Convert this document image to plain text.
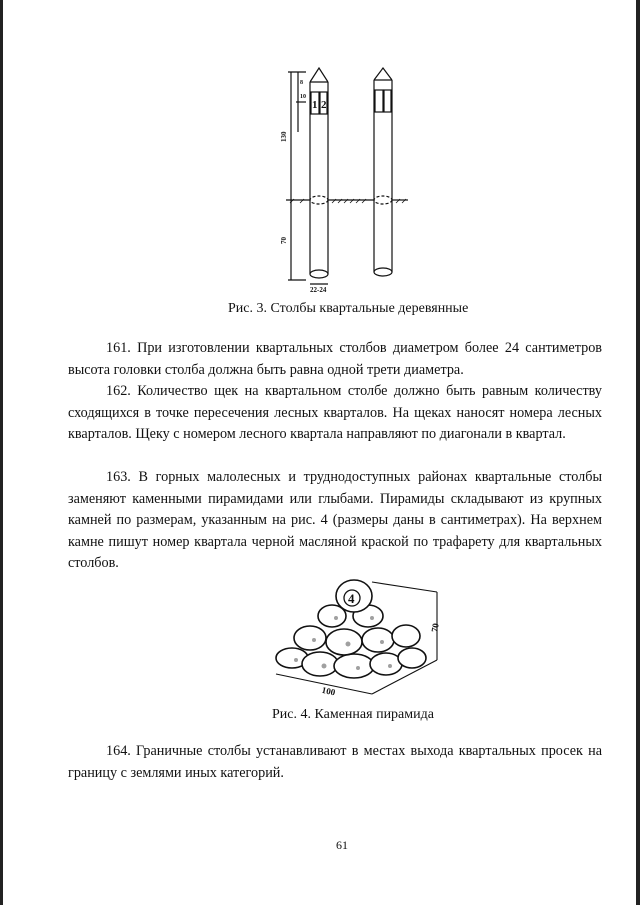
1 2
130
70
8
10
22-24
Рис. 3. Столбы квартальные деревянные

161. При изготовлении квартальных столбов диаметром более 24 сантиметров высота головки столба должна быть равна одной трети диаметра.

162. Количество щек на квартальном столбе должно быть равным количеству сходящихся в точке пересечения лесных кварталов. На щеках наносят номера лесных кварталов. Щеку с номером лесного квартала направляют по диагонали в квартал.

163. В горных малолесных и труднодоступных районах квартальные столбы заменяют каменными пирамидами или глыбами. Пирамиды складывают из крупных камней по размерам, указанным на рис. 4 (размеры даны в сантиметрах). На верхнем камне пишут номер квартала черной масляной краской по трафарету для квартальных столбов.

4
70
100
Рис. 4. Каменная пирамида

164. Граничные столбы устанавливают в местах выхода квартальных просек на границу с землями иных категорий.

61
